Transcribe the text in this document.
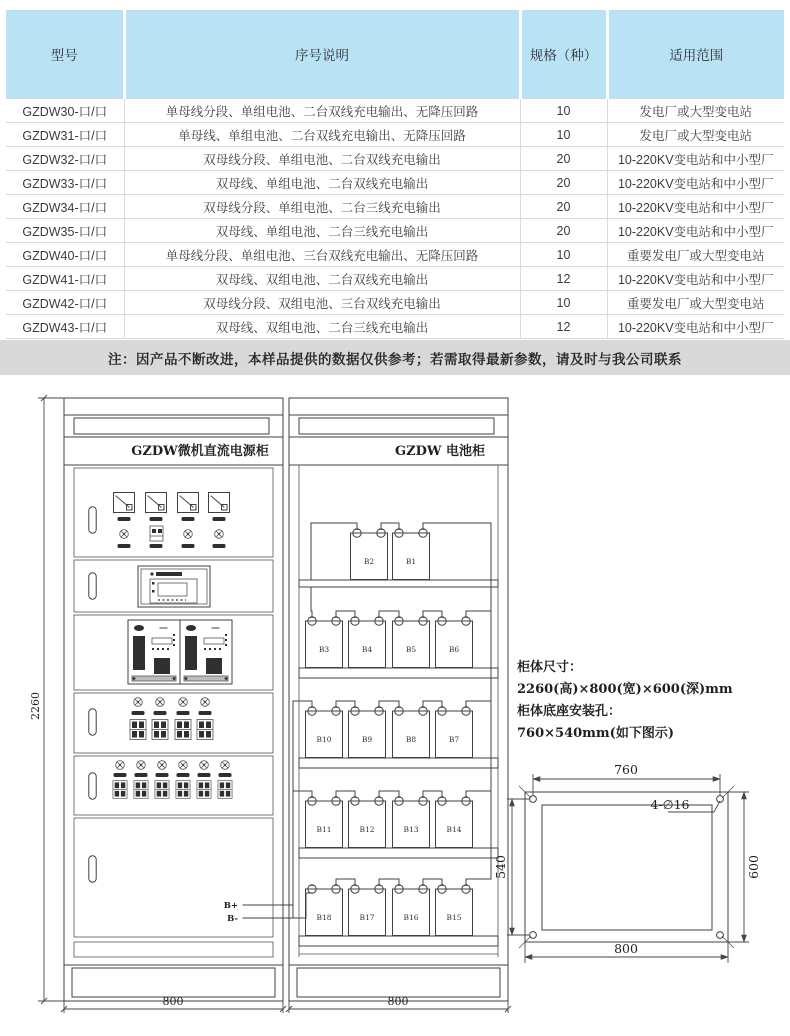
型号	序号说明	规格（种）	适用范围
GZDW30-口/口	单母线分段、单组电池、二台双线充电输出、无降压回路	10	发电厂或大型变电站
GZDW31-口/口	单母线、单组电池、二台双线充电输出、无降压回路	10	发电厂或大型变电站
GZDW32-口/口	双母线分段、单组电池、二台双线充电输出	20	10-220KV变电站和中小型厂
GZDW33-口/口	双母线、单组电池、二台双线充电输出	20	10-220KV变电站和中小型厂
GZDW34-口/口	双母线分段、单组电池、二台三线充电输出	20	10-220KV变电站和中小型厂
GZDW35-口/口	双母线、单组电池、二台三线充电输出	20	10-220KV变电站和中小型厂
GZDW40-口/口	单母线分段、单组电池、三台双线充电输出、无降压回路	10	重要发电厂或大型变电站
GZDW41-口/口	双母线、双组电池、二台双线充电输出	12	10-220KV变电站和中小型厂
GZDW42-口/口	双母线分段、双组电池、三台双线充电输出	10	重要发电厂或大型变电站
GZDW43-口/口	双母线、双组电池、二台三线充电输出	12	10-220KV变电站和中小型厂
注：因产品不断改进，本样品提供的数据仅供参考；若需取得最新参数，请及时与我公司联系
2260
GZDW微机直流电源柜
B+
B-
800
GZDW 电池柜
B2	B1
B3	B4	B5	B6
B10	B9	B8	B7
B11	B12	B13	B14
B18	B17	B16	B15
800
柜体尺寸：
2260(高)×800(宽)×600(深)mm
柜体底座安装孔：
760×540mm(如下图示)
760
800
600
540
4-∅16
